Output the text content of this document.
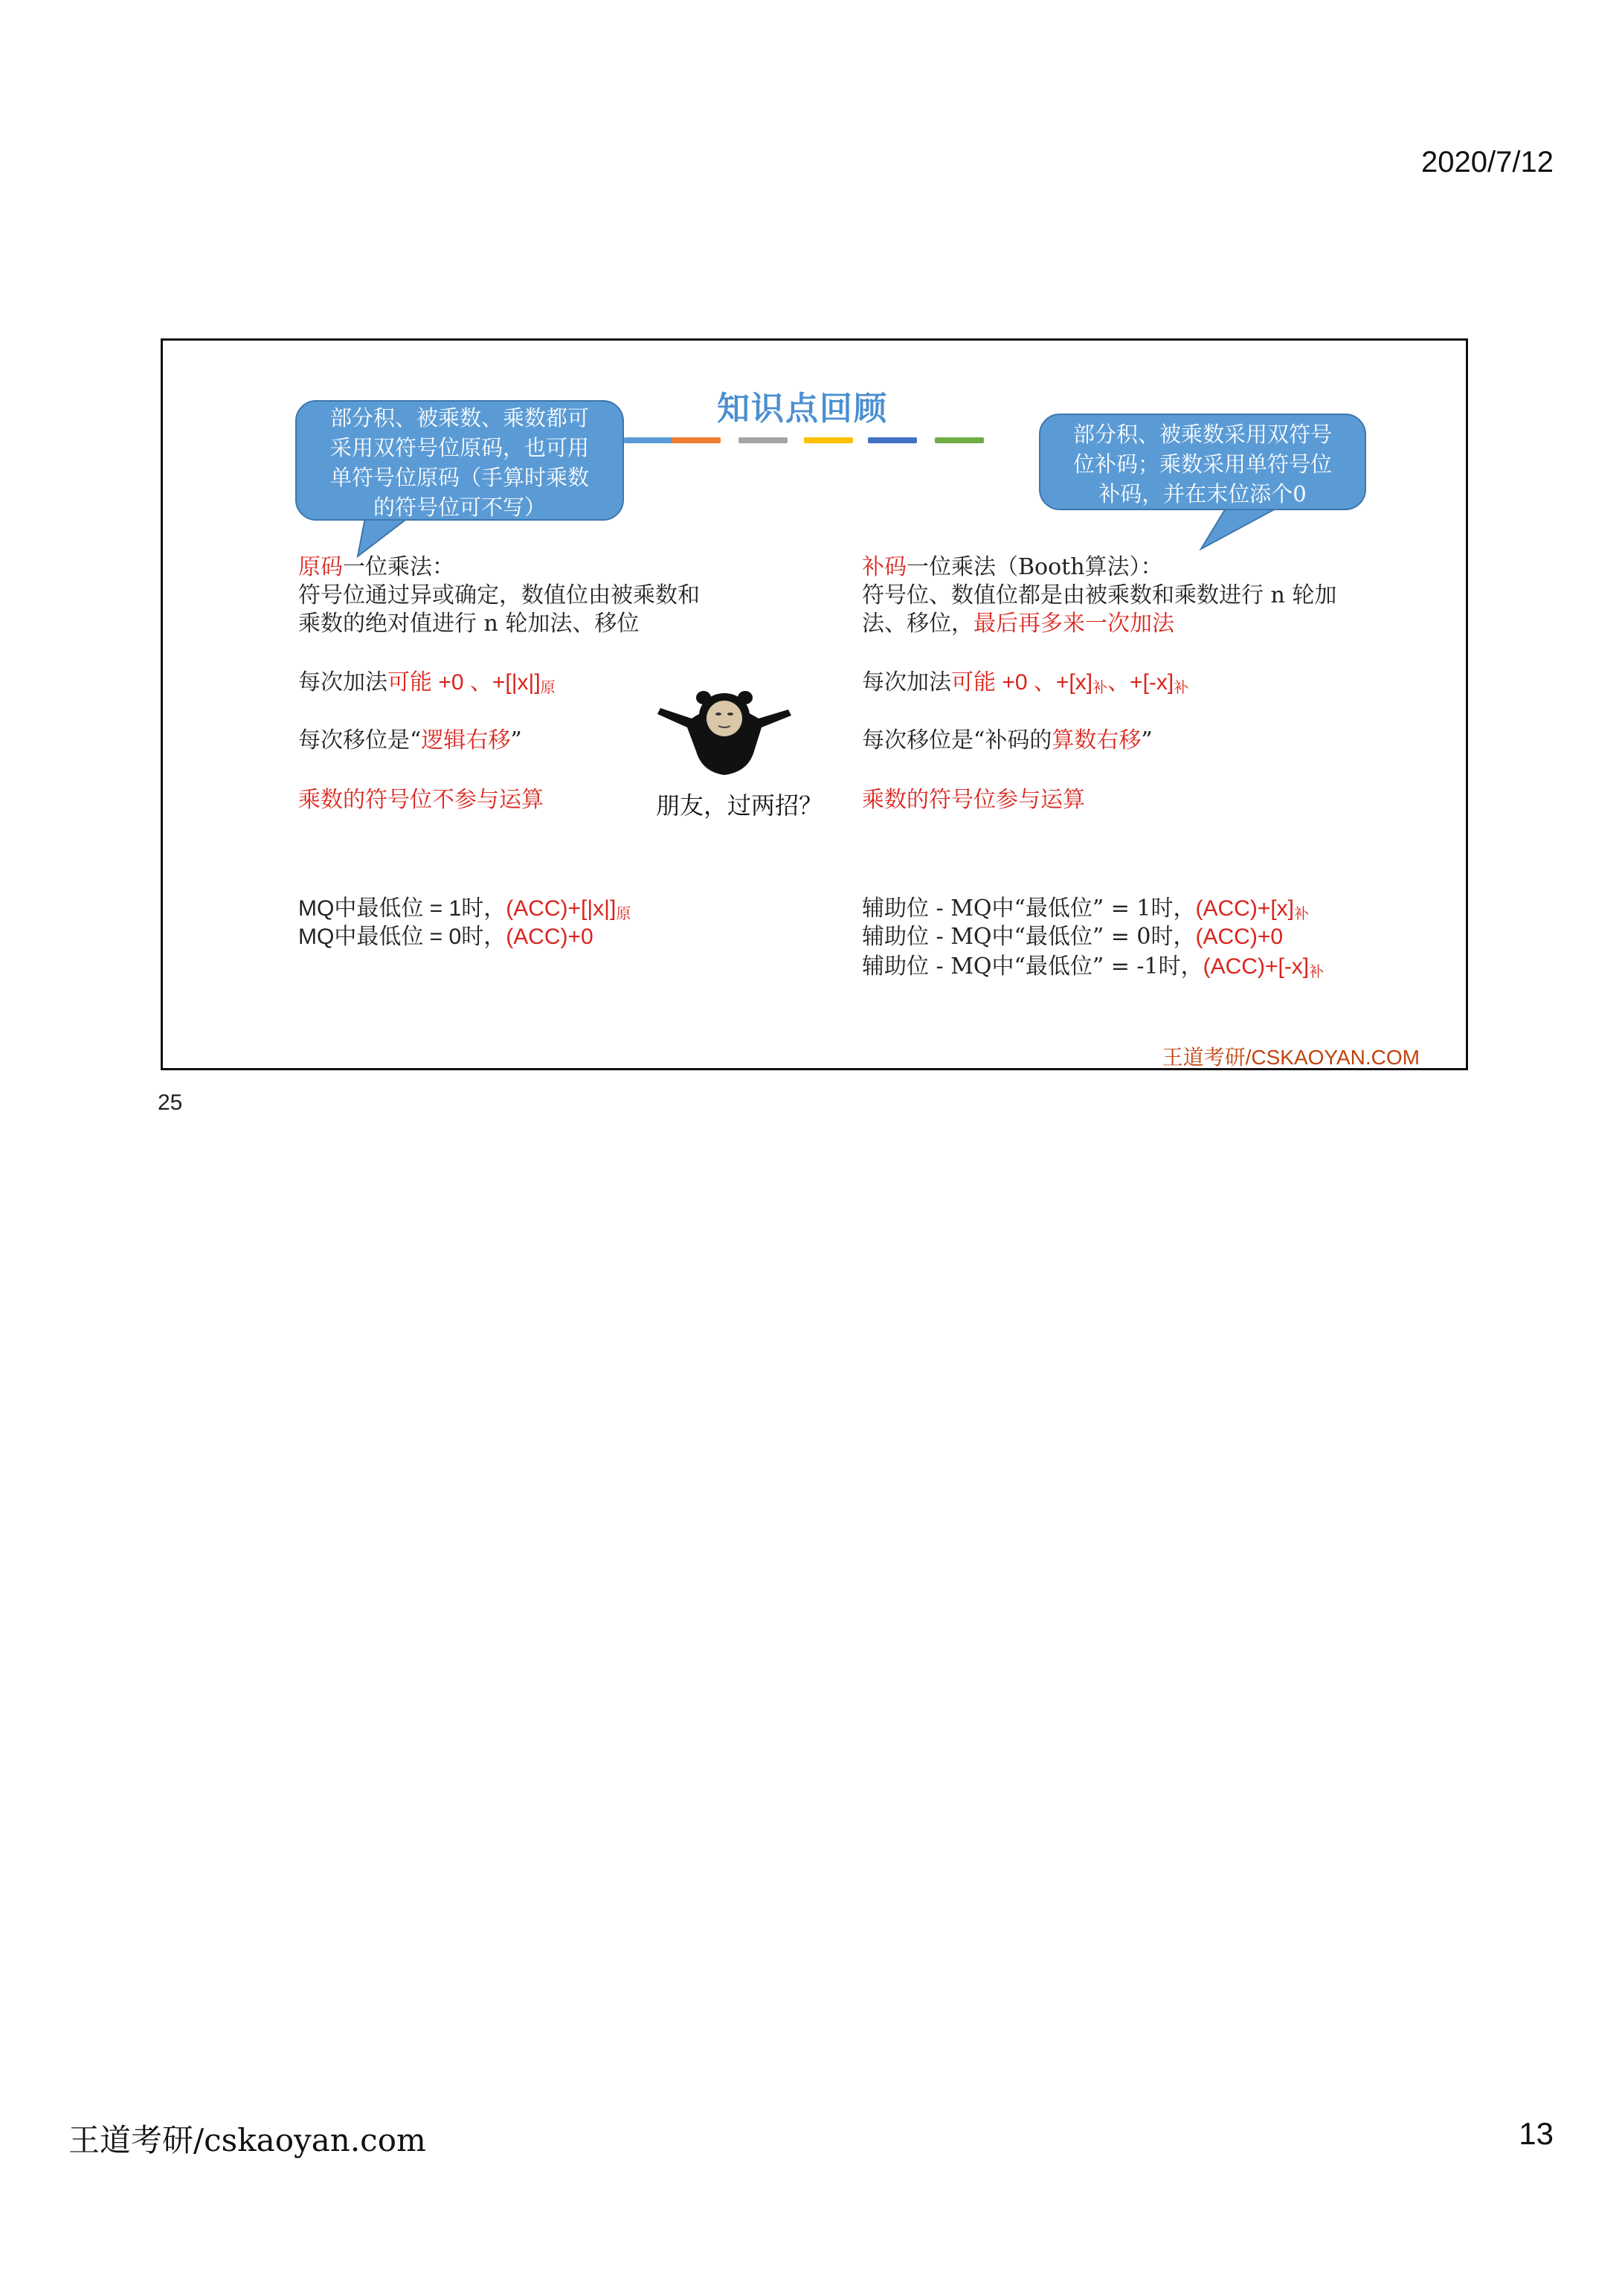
2020/7/12
知识点回顾
部分积、被乘数、乘数都可
采用双符号位原码，也可用
单符号位原码（手算时乘数
的符号位可不写）
部分积、被乘数采用双符号
位补码；乘数采用单符号位
补码，并在末位添个0
原码一位乘法：
符号位通过异或确定，数值位由被乘数和
乘数的绝对值进行 n 轮加法、移位
每次加法可能 +0 、$+[|x|]_原$
每次移位是“逻辑右移”
乘数的符号位不参与运算
MQ中最低位 = 1时，$(ACC)+[|x|]_原$
MQ中最低位 = 0时，(ACC)+0
朋友，过两招？
补码一位乘法（Booth算法）：
符号位、数值位都是由被乘数和乘数进行 n 轮加
法、移位，最后再多来一次加法
每次加法可能 +0 、$+[x]_补$、$+[-x]_补$
每次移位是“补码的算数右移”
乘数的符号位参与运算
辅助位 - MQ中“最低位” = 1时，$(ACC)+[x]_补$
辅助位 - MQ中“最低位” = 0时，(ACC)+0
辅助位 - MQ中“最低位” = -1时，$(ACC)+[-x]_补$
王道考研/CSKAOYAN.COM
25
王道考研/cskaoyan.com	13
